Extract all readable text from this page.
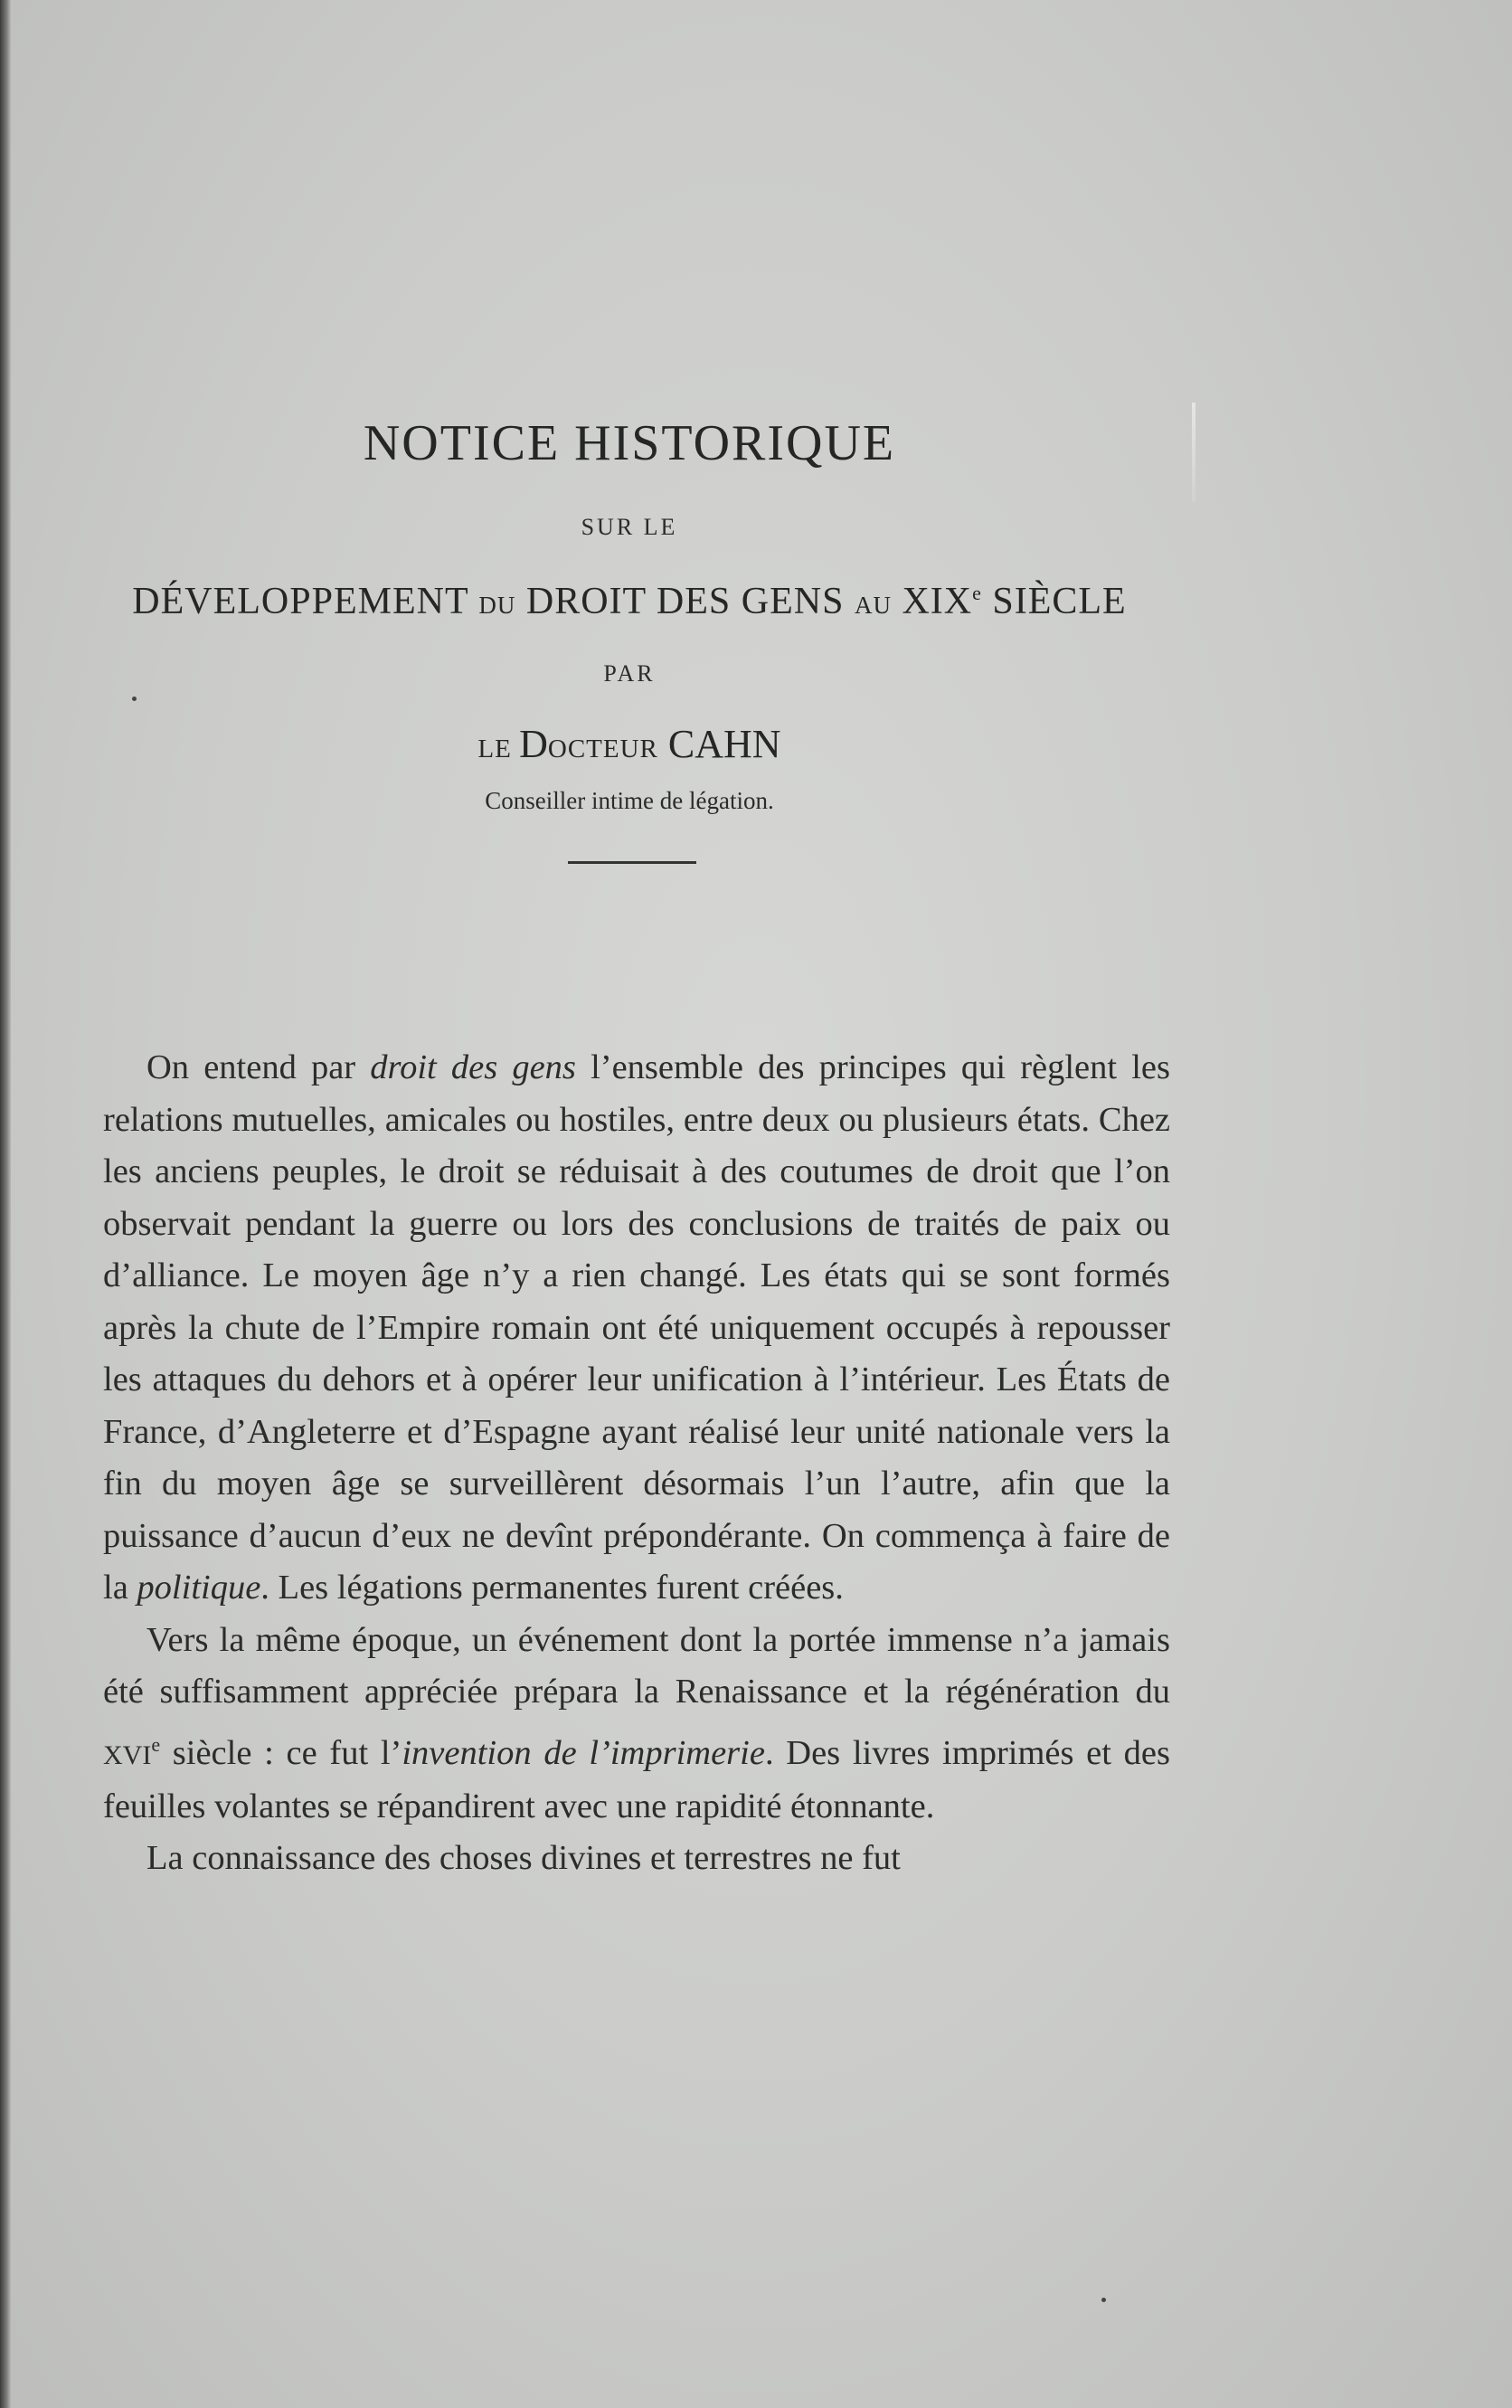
NOTICE HISTORIQUE
SUR LE
DÉVELOPPEMENT DU DROIT DES GENS AU XIXe SIÈCLE
PAR
LE DOCTEUR CAHN
Conseiller intime de légation.

On entend par droit des gens l’ensemble des principes qui règlent les relations mutuelles, amicales ou hostiles, entre deux ou plusieurs états. Chez les anciens peuples, le droit se réduisait à des coutumes de droit que l’on observait pendant la guerre ou lors des conclusions de traités de paix ou d’alliance. Le moyen âge n’y a rien changé. Les états qui se sont formés après la chute de l’Empire romain ont été uniquement occupés à repousser les attaques du dehors et à opérer leur unification à l’intérieur. Les États de France, d’Angleterre et d’Espagne ayant réalisé leur unité nationale vers la fin du moyen âge se surveillèrent désormais l’un l’autre, afin que la puissance d’aucun d’eux ne devînt prépondérante. On commença à faire de la politique. Les légations permanentes furent créées.

Vers la même époque, un événement dont la portée immense n’a jamais été suffisamment appréciée prépara la Renaissance et la régénération du XVIe siècle : ce fut l’invention de l’imprimerie. Des livres imprimés et des feuilles volantes se répandirent avec une rapidité étonnante.

La connaissance des choses divines et terrestres ne fut
